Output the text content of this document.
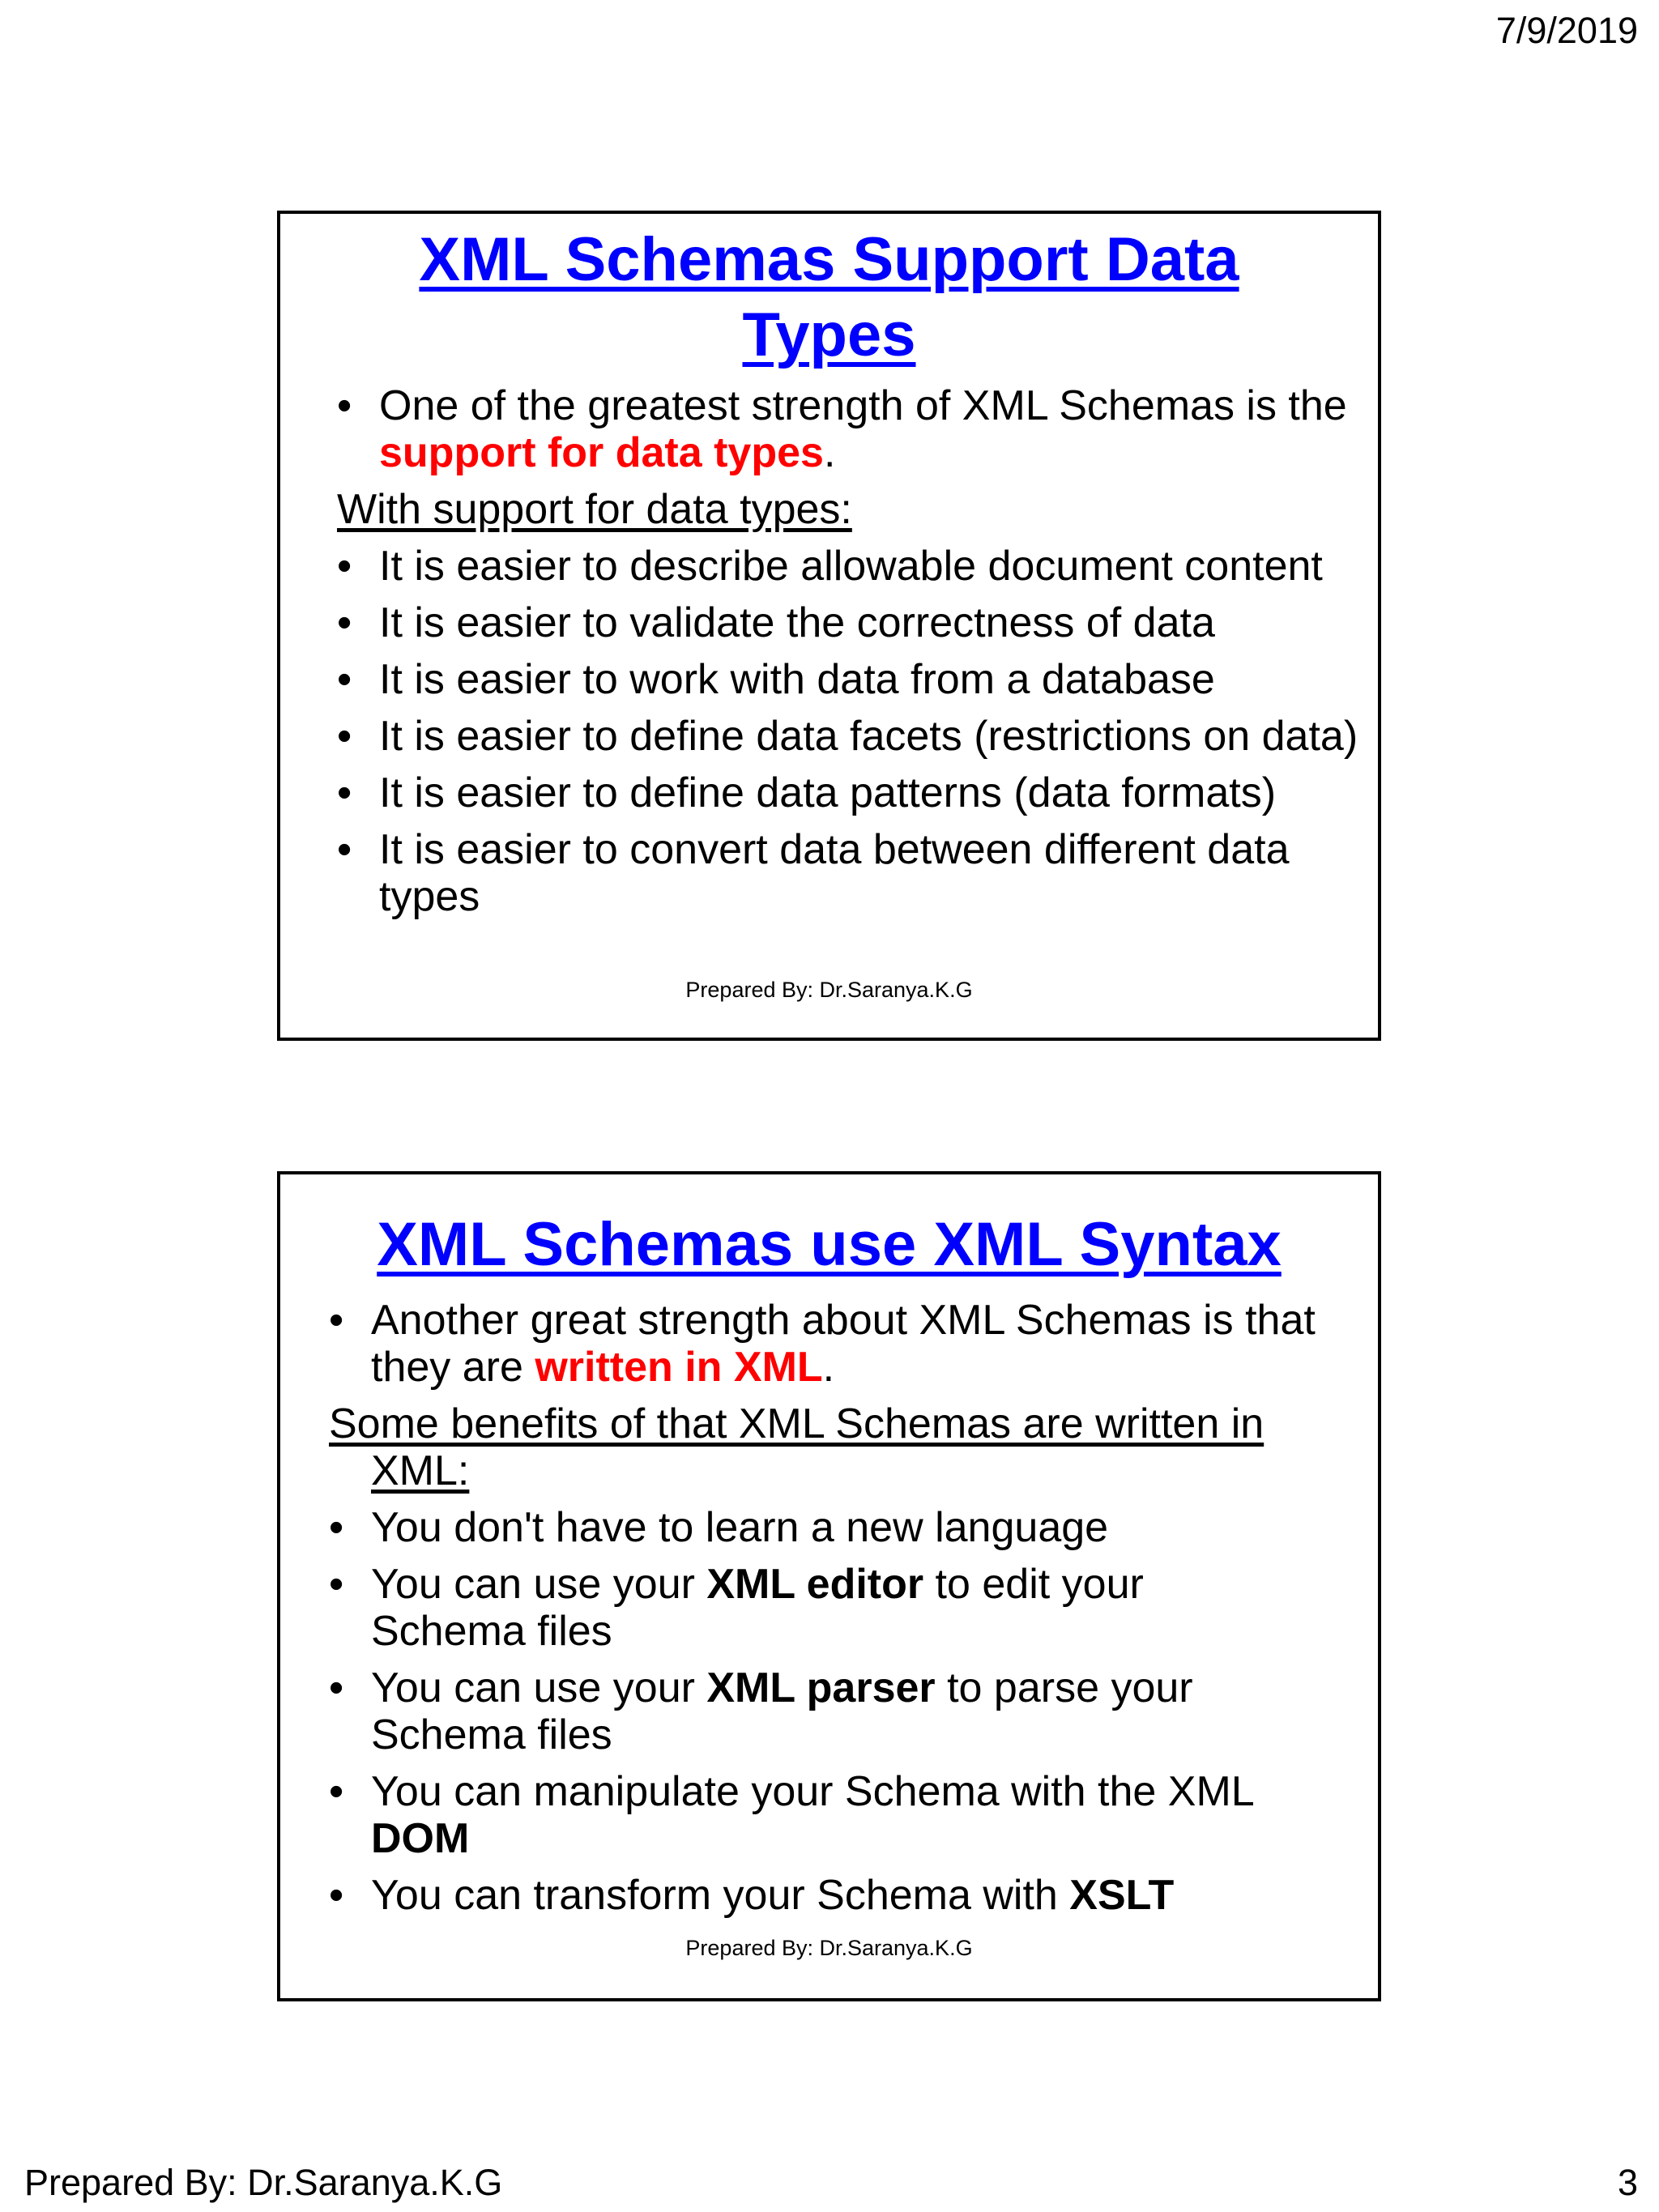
7/9/2019
XML Schemas Support Data Types
• One of the greatest strength of XML Schemas is the support for data types.
With support for data types:
• It is easier to describe allowable document content
• It is easier to validate the correctness of data
• It is easier to work with data from a database
• It is easier to define data facets (restrictions on data)
• It is easier to define data patterns (data formats)
• It is easier to convert data between different data types
Prepared By: Dr.Saranya.K.G
XML Schemas use XML Syntax
• Another great strength about XML Schemas is that they are written in XML.
Some benefits of that XML Schemas are written in XML:
• You don't have to learn a new language
• You can use your XML editor to edit your Schema files
• You can use your XML parser to parse your Schema files
• You can manipulate your Schema with the XML DOM
• You can transform your Schema with XSLT
Prepared By: Dr.Saranya.K.G
Prepared By: Dr.Saranya.K.G	3
